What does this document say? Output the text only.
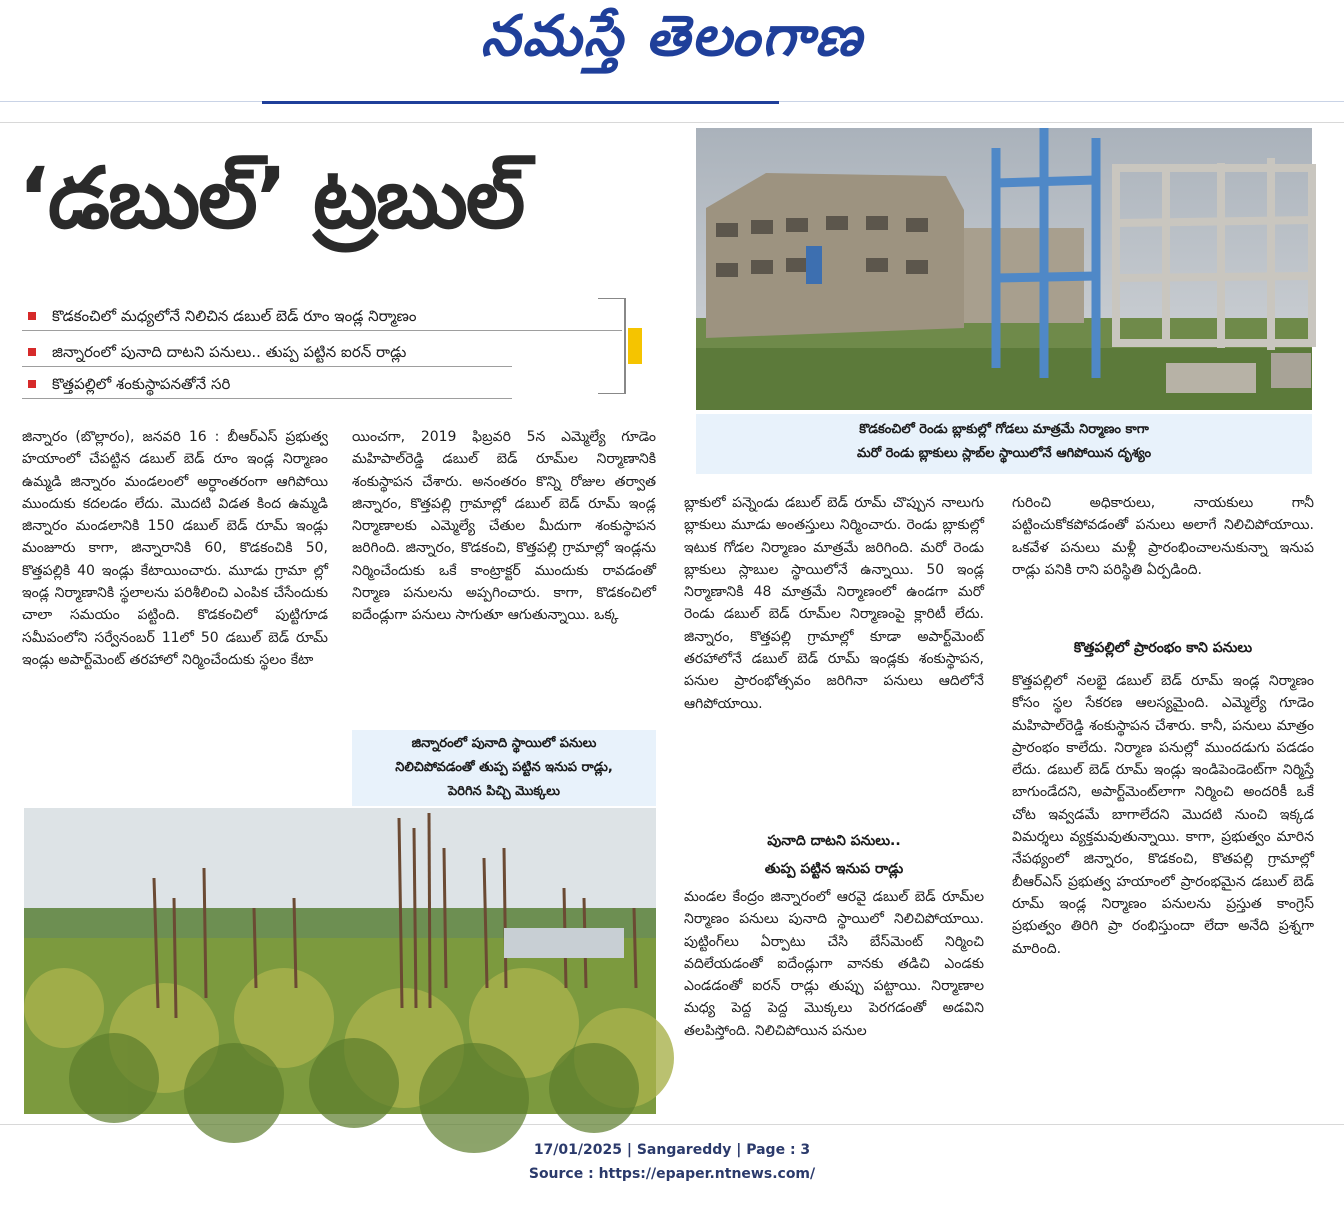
నమస్తే తెలంగాణ
‘డబుల్’ ట్రబుల్
కొడకంచిలో మధ్యలోనే నిలిచిన డబుల్ బెడ్ రూం ఇండ్ల నిర్మాణం
జిన్నారంలో పునాది దాటని పనులు.. తుప్ప పట్టిన ఐరన్ రాడ్లు
కొత్తపల్లిలో శంకుస్థాపనతోనే సరి
కొడకంచిలో రెండు బ్లాకుల్లో గోడలు మాత్రమే నిర్మాణం కాగా
మరో రెండు బ్లాకులు స్లాబ్‌ల స్థాయిలోనే ఆగిపోయిన దృశ్యం
జిన్నారం (బొల్లారం), జనవరి 16 : బీఆర్ఎస్ ప్రభుత్వ హయాంలో చేపట్టిన డబుల్ బెడ్ రూం ఇండ్ల నిర్మాణం ఉమ్మడి జిన్నారం మండలంలో అర్ధాంతరంగా ఆగిపోయి ముందుకు కదలడం లేదు. మొదటి విడత కింద ఉమ్మడి జిన్నారం మండలానికి 150 డబుల్ బెడ్ రూమ్ ఇండ్లు మంజూరు కాగా, జిన్నారానికి 60, కొడకంచికి 50, కొత్తపల్లికి 40 ఇండ్లు కేటాయించారు. మూడు గ్రామా ల్లో ఇండ్ల నిర్మాణానికి స్థలాలను పరిశీలించి ఎంపిక చేసేందుకు చాలా సమయం పట్టింది. కొడకంచిలో పుట్టిగూడ సమీపంలోని సర్వేనంబర్ 11లో 50 డబుల్ బెడ్ రూమ్ ఇండ్లు అపార్ట్‌మెంట్ తరహాలో నిర్మించేందుకు స్థలం కేటా
యించగా, 2019 ఫిబ్రవరి 5న ఎమ్మెల్యే గూడెం మహిపాల్‌రెడ్డి డబుల్ బెడ్ రూమ్‌ల నిర్మాణానికి శంకుస్థాపన చేశారు. అనంతరం కొన్ని రోజుల తర్వాత జిన్నారం, కొత్తపల్లి గ్రామాల్లో డబుల్ బెడ్ రూమ్ ఇండ్ల నిర్మాణాలకు ఎమ్మెల్యే చేతుల మీదుగా శంకుస్థాపన జరిగింది. జిన్నారం, కొడకంచి, కొత్తపల్లి గ్రామాల్లో ఇండ్లను నిర్మించేందుకు ఒకే కాంట్రాక్టర్ ముందుకు రావడంతో నిర్మాణ పనులను అప్పగించారు. కాగా, కొడకంచిలో ఐదేండ్లుగా పనులు సాగుతూ ఆగుతున్నాయి. ఒక్క
జిన్నారంలో పునాది స్థాయిలో పనులు
నిలిచిపోవడంతో తుప్ప పట్టిన ఇనుప రాడ్లు,
పెరిగిన పిచ్చి మొక్కలు
బ్లాకులో పన్నెండు డబుల్ బెడ్ రూమ్ చొప్పున నాలుగు బ్లాకులు మూడు అంతస్తులు నిర్మించారు. రెండు బ్లాకుల్లో ఇటుక గోడల నిర్మాణం మాత్రమే జరిగింది. మరో రెండు బ్లాకులు స్లాబుల స్థాయిలోనే ఉన్నాయి. 50 ఇండ్ల నిర్మాణానికి 48 మాత్రమే నిర్మాణంలో ఉండగా మరో రెండు డబుల్ బెడ్ రూమ్‌ల నిర్మాణంపై క్లారిటీ లేదు. జిన్నారం, కొత్తపల్లి గ్రామాల్లో కూడా అపార్ట్‌మెంట్ తరహాలోనే డబుల్ బెడ్ రూమ్ ఇండ్లకు శంకుస్థాపన, పనుల ప్రారంభోత్సవం జరిగినా పనులు ఆదిలోనే ఆగిపోయాయి.
పునాది దాటని పనులు..
తుప్ప పట్టిన ఇనుప రాడ్లు
మండల కేంద్రం జిన్నారంలో ఆరవై డబుల్ బెడ్ రూమ్‌ల నిర్మాణం పనులు పునాది స్థాయిలో నిలిచిపోయాయి. పుట్టింగ్‌లు ఏర్పాటు చేసి బేస్‌మెంట్ నిర్మించి వదిలేయడంతో ఐదేండ్లుగా వానకు తడిచి ఎండకు ఎండడంతో ఐరన్ రాడ్లు తుప్పు పట్టాయి. నిర్మాణాల మధ్య పెద్ద పెద్ద మొక్కలు పెరగడంతో అడవిని తలపిస్తోంది. నిలిచిపోయిన పనుల
గురించి అధికారులు, నాయకులు గానీ పట్టించుకోకపోవడంతో పనులు అలాగే నిలిచిపోయాయి. ఒకవేళ పనులు మళ్లీ ప్రారంభించాలనుకున్నా ఇనుప రాడ్లు పనికి రాని పరిస్థితి ఏర్పడింది.
కొత్తపల్లిలో ప్రారంభం కాని పనులు
కొత్తపల్లిలో నలభై డబుల్ బెడ్ రూమ్ ఇండ్ల నిర్మాణం కోసం స్థల సేకరణ ఆలస్యమైంది. ఎమ్మెల్యే గూడెం మహిపాల్‌రెడ్డి శంకుస్థాపన చేశారు. కానీ, పనులు మాత్రం ప్రారంభం కాలేదు. నిర్మాణ పనుల్లో ముందడుగు పడడం లేదు. డబుల్ బెడ్ రూమ్ ఇండ్లు ఇండిపెండెంట్‌గా నిర్మిస్తే బాగుండేదని, అపార్ట్‌మెంట్‌లాగా నిర్మించి అందరికీ ఒకే చోట ఇవ్వడమే బాగాలేదని మొదటి నుంచి ఇక్కడ విమర్శలు వ్యక్తమవుతున్నాయి. కాగా, ప్రభుత్వం మారిన నేపథ్యంలో జిన్నారం, కొడకంచి, కొతపల్లి గ్రామాల్లో బీఆర్ఎస్ ప్రభుత్వ హయాంలో ప్రారంభమైన డబుల్ బెడ్ రూమ్ ఇండ్ల నిర్మాణం పనులను ప్రస్తుత కాంగ్రెస్ ప్రభుత్వం తిరిగి ప్రా రంభిస్తుందా లేదా అనేది ప్రశ్నగా మారింది.
17/01/2025 | Sangareddy | Page : 3
Source : https://epaper.ntnews.com/
